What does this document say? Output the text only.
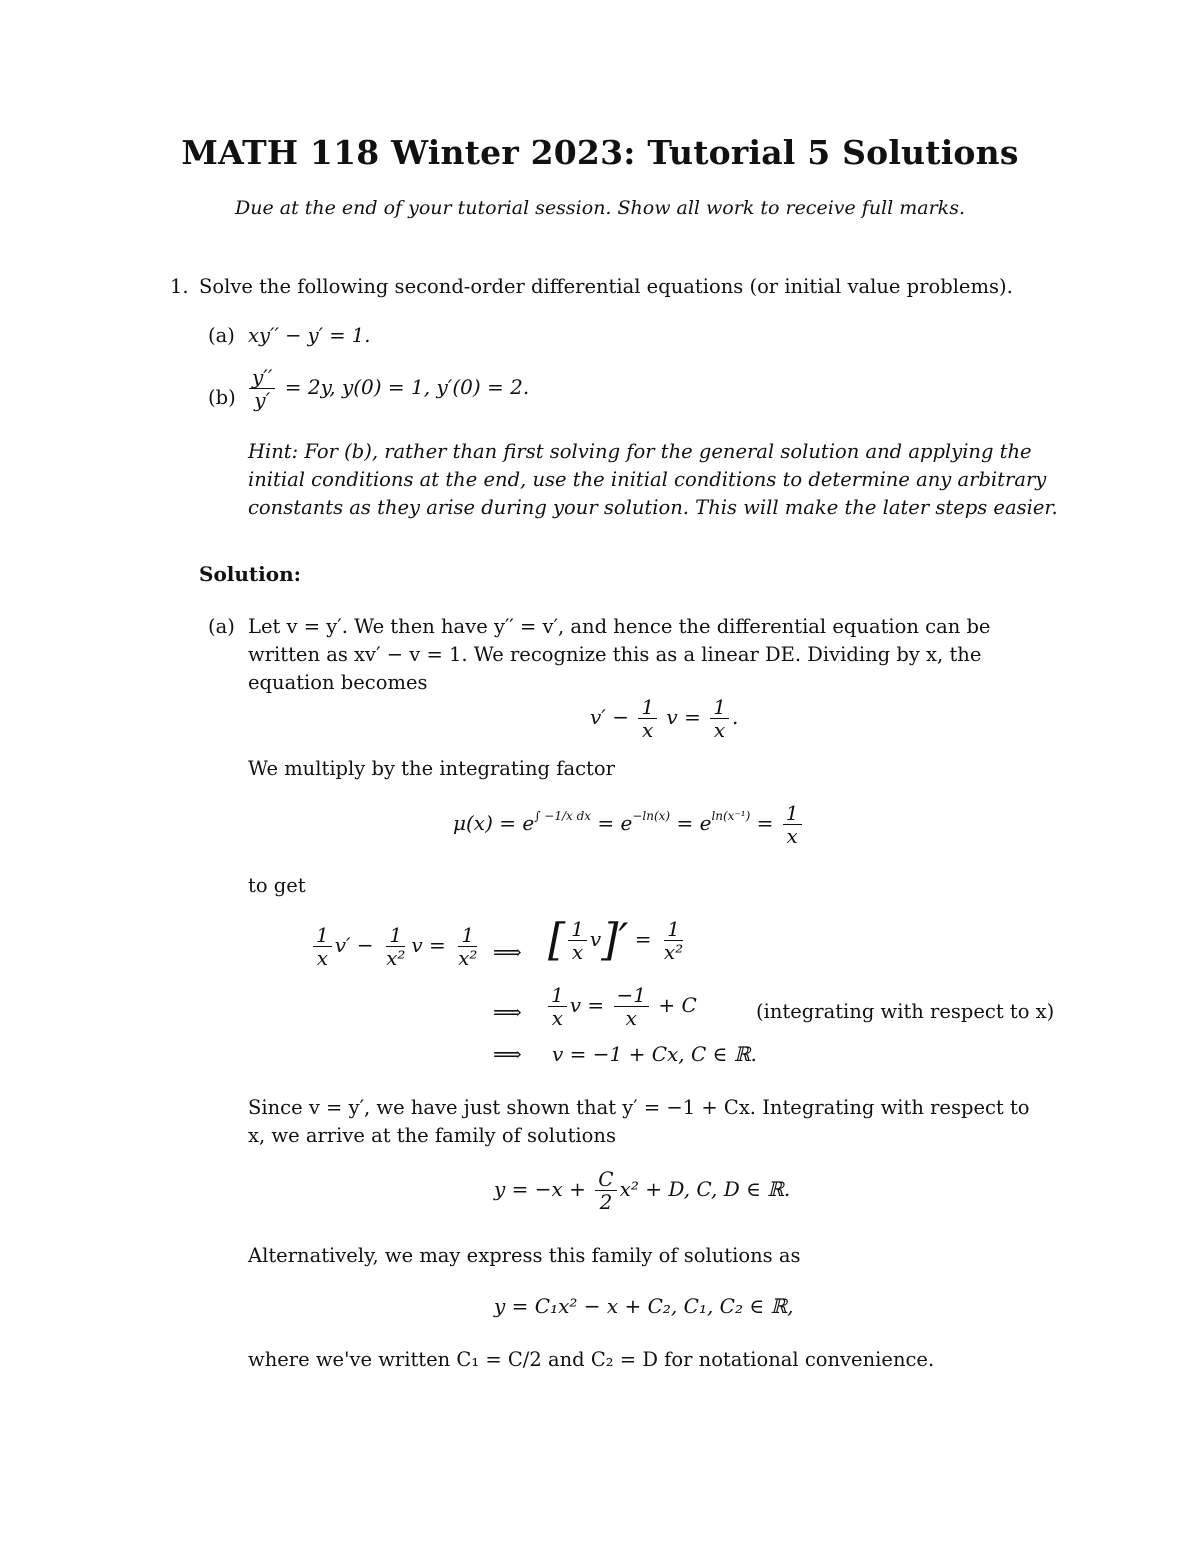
MATH 118 Winter 2023: Tutorial 5 Solutions
Due at the end of your tutorial session. Show all work to receive full marks.
1. Solve the following second-order differential equations (or initial value problems).
(a) xy′′ − y′ = 1.
$(b) \frac{y''}{y'} = 2y$, y(0) = 1, y′(0) = 2.
Hint: For (b), rather than first solving for the general solution and applying the
initial conditions at the end, use the initial conditions to determine any arbitrary
constants as they arise during your solution. This will make the later steps easier.
Solution:
(a) Let v = y′. We then have y′′ = v′, and hence the differential equation can be
written as xv′ − v = 1. We recognize this as a linear DE. Dividing by x, the
equation becomes
$v' - \frac{1}{x}$ $v = \frac{1}{x}$ .
We multiply by the integrating factor
$\mu(x) = e^{\int -1/x dx} = e^{-ln(x)} = e^{ln(x^{-1})} = \frac{1}{x}$
to get
$\frac{1}{x} v' - \frac{1}{\text{x²}}$ $v = \frac{1}{\text{x²}}$ ⟹ [ $\frac{1}{x} v]' = \frac{1}{\text{x²}}$
⟹ $\frac{1}{x}$ $v = \frac{-1}{x} + C$	(integrating with respect to x)
⟹ v = −1 + Cx, C ∈ ℝ.
Since v = y′, we have just shown that y′ = −1 + Cx. Integrating with respect to
x, we arrive at the family of solutions
$y = -x + \frac{C}{2} x^2 + D$, C, D ∈ ℝ.
Alternatively, we may express this family of solutions as
y = C₁x² − x + C₂, C₁, C₂ ∈ ℝ,
where we've written C₁ = C/2 and C₂ = D for notational convenience.
